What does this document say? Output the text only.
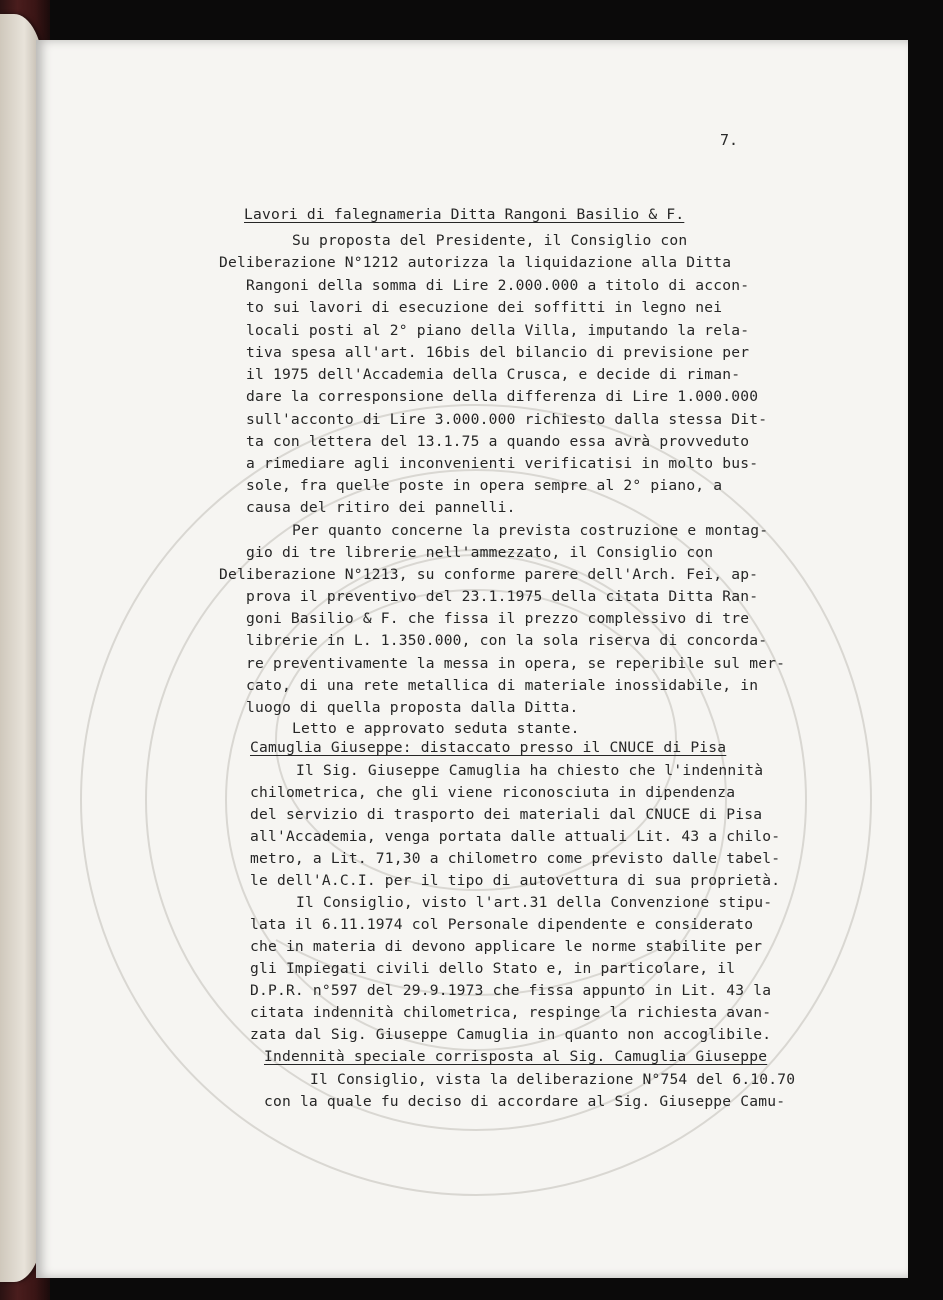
7.
Lavori di falegnameria Ditta Rangoni Basilio & F.
Su proposta del Presidente, il Consiglio con
Deliberazione N°1212 autorizza la liquidazione alla Ditta
Rangoni della somma di Lire 2.000.000 a titolo di accon-
to sui lavori di esecuzione dei soffitti in legno nei
locali posti al 2° piano della Villa, imputando la rela-
tiva spesa all'art. 16bis del bilancio di previsione per
il 1975 dell'Accademia della Crusca, e decide di riman-
dare la corresponsione della differenza di Lire 1.000.000
sull'acconto di Lire 3.000.000 richiesto dalla stessa Dit-
ta con lettera del 13.1.75 a quando essa avrà provveduto
a rimediare agli inconvenienti verificatisi in molto bus-
sole, fra quelle poste in opera sempre al 2° piano, a
causa del ritiro dei pannelli.
Per quanto concerne la prevista costruzione e montag-
gio di tre librerie nell'ammezzato, il Consiglio con
Deliberazione N°1213, su conforme parere dell'Arch. Fei, ap-
prova il preventivo del 23.1.1975 della citata Ditta Ran-
goni Basilio & F. che fissa il prezzo complessivo di tre
librerie in L. 1.350.000, con la sola riserva di concorda-
re preventivamente la messa in opera, se reperibile sul mer-
cato, di una rete metallica di materiale inossidabile, in
luogo di quella proposta dalla Ditta.
Letto e approvato seduta stante.
Camuglia Giuseppe: distaccato presso il CNUCE di Pisa
Il Sig. Giuseppe Camuglia ha chiesto che l'indennità
chilometrica, che gli viene riconosciuta in dipendenza
del servizio di trasporto dei materiali dal CNUCE di Pisa
all'Accademia, venga portata dalle attuali Lit. 43 a chilo-
metro, a Lit. 71,30 a chilometro come previsto dalle tabel-
le dell'A.C.I. per il tipo di autovettura di sua proprietà.
Il Consiglio, visto l'art.31 della Convenzione stipu-
lata il 6.11.1974 col Personale dipendente e considerato
che in materia di devono applicare le norme stabilite per
gli Impiegati civili dello Stato e, in particolare, il
D.P.R. n°597 del 29.9.1973 che fissa appunto in Lit. 43 la
citata indennità chilometrica, respinge la richiesta avan-
zata dal Sig. Giuseppe Camuglia in quanto non accoglibile.
Indennità speciale corrisposta al Sig. Camuglia Giuseppe
Il Consiglio, vista la deliberazione N°754 del 6.10.70
con la quale fu deciso di accordare al Sig. Giuseppe Camu-
